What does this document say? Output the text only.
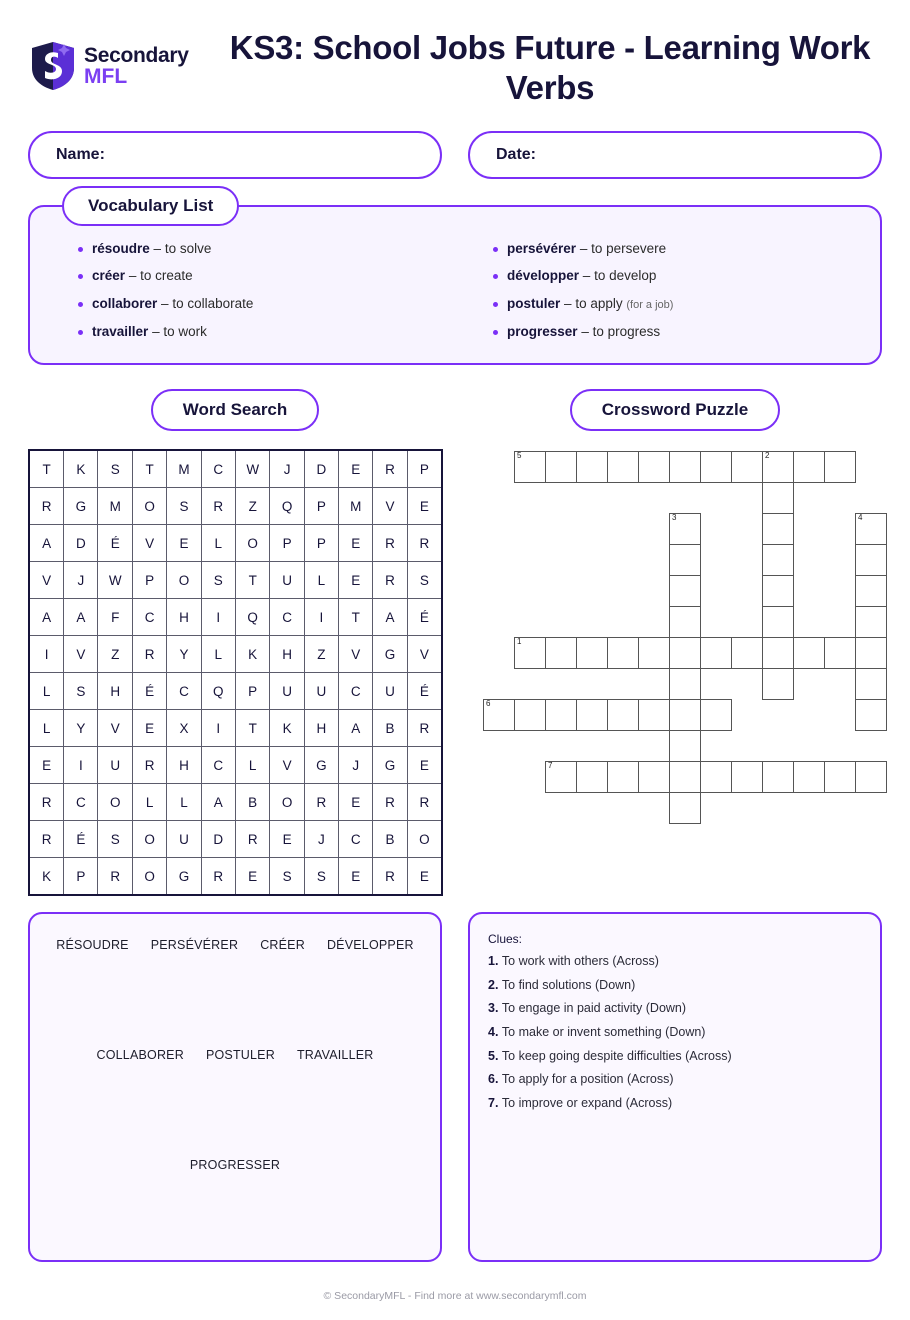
Secondary
MFL
KS3: School Jobs Future - Learning Work Verbs
Name:	Date:
Vocabulary List
résoudre – to solve
créer – to create
collaborer – to collaborate
travailler – to work
persévérer – to persevere
développer – to develop
postuler – to apply (for a job)
progresser – to progress
Word Search
T	K	S	T	M	C	W	J	D	E	R	P
R	G	M	O	S	R	Z	Q	P	M	V	E
A	D	É	V	E	L	O	P	P	E	R	R
V	J	W	P	O	S	T	U	L	E	R	S
A	A	F	C	H	I	Q	C	I	T	A	É
I	V	Z	R	Y	L	K	H	Z	V	G	V
L	S	H	É	C	Q	P	U	U	C	U	É
L	Y	V	E	X	I	T	K	H	A	B	R
E	I	U	R	H	C	L	V	G	J	G	E
R	C	O	L	L	A	B	O	R	E	R	R
R	É	S	O	U	D	R	E	J	C	B	O
K	P	R	O	G	R	E	S	S	E	R	E
Crossword Puzzle
5	2
3	4
1
6
7
RÉSOUDRE PERSÉVÉRER CRÉER DÉVELOPPER
COLLABORER POSTULER TRAVAILLER
PROGRESSER
Clues:
1. To work with others (Across)
2. To find solutions (Down)
3. To engage in paid activity (Down)
4. To make or invent something (Down)
5. To keep going despite difficulties (Across)
6. To apply for a position (Across)
7. To improve or expand (Across)
© SecondaryMFL - Find more at www.secondarymfl.com
